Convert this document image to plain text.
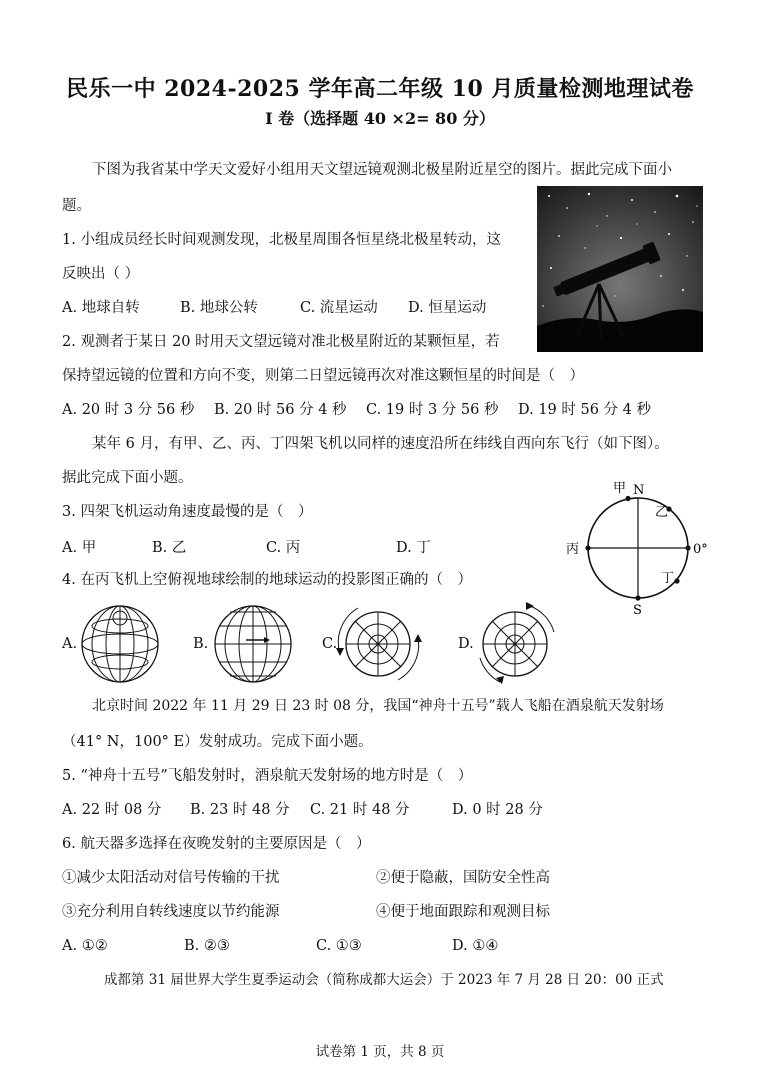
民乐一中 2024-2025 学年高二年级 10 月质量检测地理试卷
I 卷（选择题 40 ×2= 80 分）
下图为我省某中学天文爱好小组用天文望远镜观测北极星附近星空的图片。据此完成下面小
题。
1. 小组成员经长时间观测发现，北极星周围各恒星绕北极星转动，这
反映出（ ）
A. 地球自转	B. 地球公转	C. 流星运动 D. 恒星运动
2. 观测者于某日 20 时用天文望远镜对准北极星附近的某颗恒星，若
保持望远镜的位置和方向不变，则第二日望远镜再次对准这颗恒星的时间是（　）
A. 20 时 3 分 56 秒 B. 20 时 56 分 4 秒 C. 19 时 3 分 56 秒 D. 19 时 56 分 4 秒
某年 6 月，有甲、乙、丙、丁四架飞机以同样的速度沿所在纬线自西向东飞行（如下图）。
据此完成下面小题。
甲 N
乙
丙	0°
丁
S
3. 四架飞机运动角速度最慢的是（　）
A. 甲	B. 乙	C. 丙	D. 丁
4. 在丙飞机上空俯视地球绘制的地球运动的投影图正确的（　）
A.	B.	C.	D.
北京时间 2022 年 11 月 29 日 23 时 08 分，我国“神舟十五号”载人飞船在酒泉航天发射场
（41° N，100° E）发射成功。完成下面小题。
5. “神舟十五号”飞船发射时，酒泉航天发射场的地方时是（　）
A. 22 时 08 分 B. 23 时 48 分 C. 21 时 48 分	D. 0 时 28 分
6. 航天器多选择在夜晚发射的主要原因是（　）
①减少太阳活动对信号传输的干扰	②便于隐蔽，国防安全性高
③充分利用自转线速度以节约能源	④便于地面跟踪和观测目标
A. ①②	B. ②③	C. ①③	D. ①④
成都第 31 届世界大学生夏季运动会（简称成都大运会）于 2023 年 7 月 28 日 20：00 正式
试卷第 1 页，共 8 页
